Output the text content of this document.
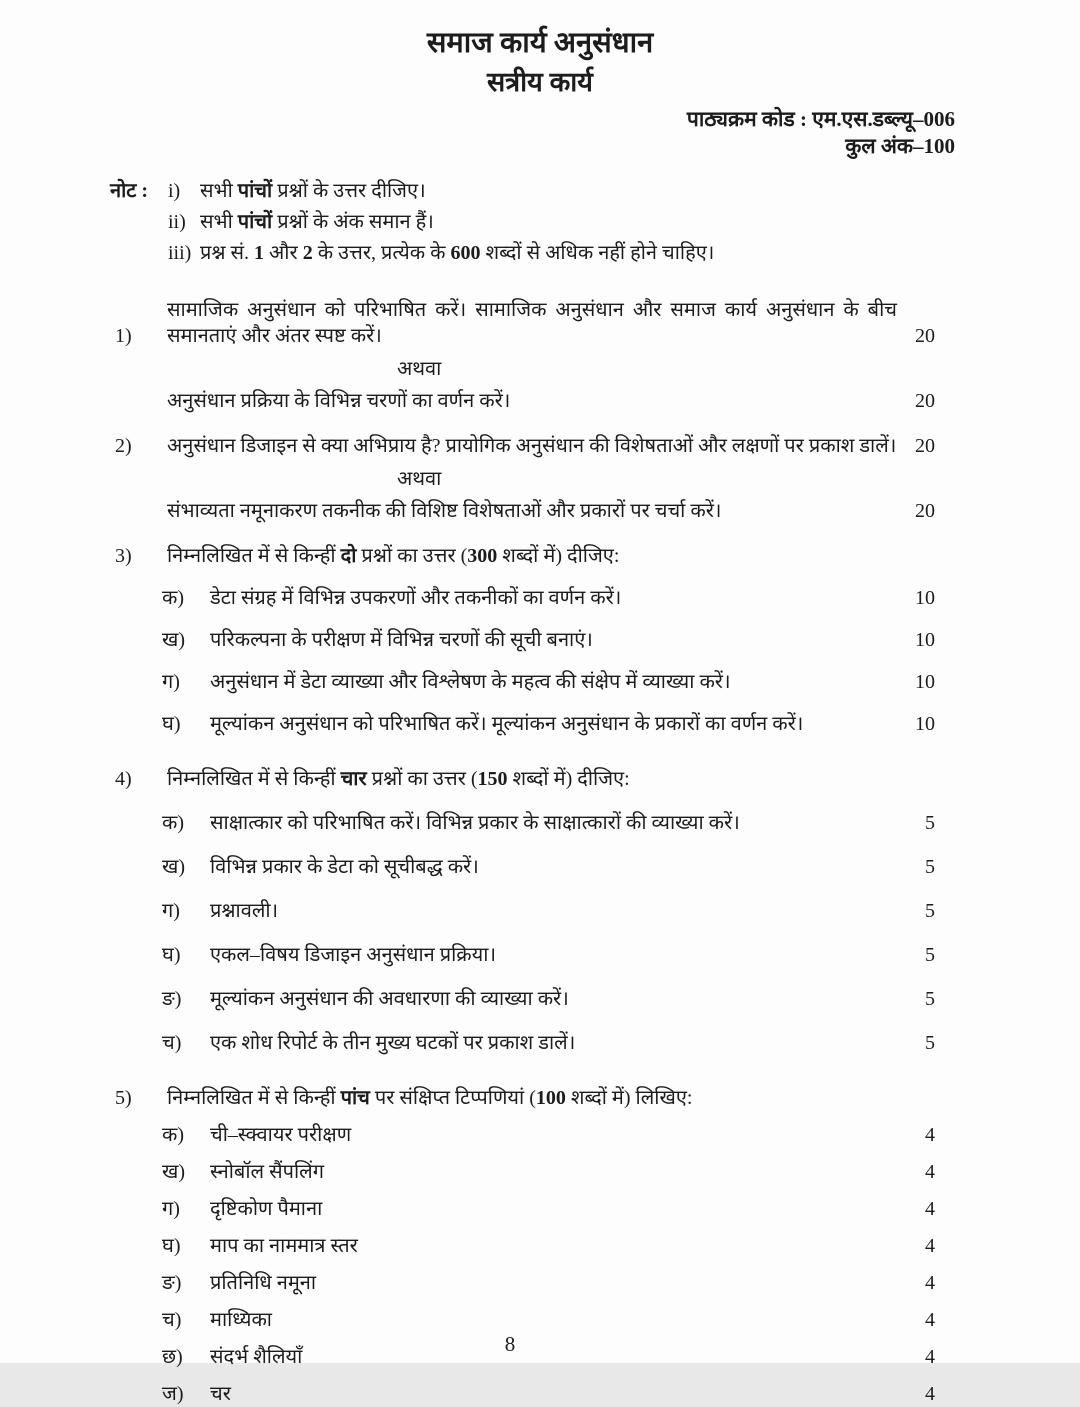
समाज कार्य अनुसंधान
सत्रीय कार्य
पाठ्यक्रम कोड : एम.एस.डब्ल्यू–006
कुल अंक–100
नोट : i) सभी पांचों प्रश्नों के उत्तर दीजिए।
ii) सभी पांचों प्रश्नों के अंक समान हैं।
iii) प्रश्न सं. 1 और 2 के उत्तर, प्रत्येक के 600 शब्दों से अधिक नहीं होने चाहिए।
1)
सामाजिक अनुसंधान को परिभाषित करें। सामाजिक अनुसंधान और समाज कार्य अनुसंधान के बीच समानताएं और अंतर स्पष्ट करें।	20
अथवा
अनुसंधान प्रक्रिया के विभिन्न चरणों का वर्णन करें।	20
2)	अनुसंधान डिजाइन से क्या अभिप्राय है? प्रायोगिक अनुसंधान की विशेषताओं और लक्षणों पर प्रकाश डालें। 20
अथवा
संभाव्यता नमूनाकरण तकनीक की विशिष्ट विशेषताओं और प्रकारों पर चर्चा करें।	20
3)	निम्नलिखित में से किन्हीं दो प्रश्नों का उत्तर (300 शब्दों में) दीजिए:
क)	डेटा संग्रह में विभिन्न उपकरणों और तकनीकों का वर्णन करें।	10
ख)	परिकल्पना के परीक्षण में विभिन्न चरणों की सूची बनाएं।	10
ग)	अनुसंधान में डेटा व्याख्या और विश्लेषण के महत्व की संक्षेप में व्याख्या करें।	10
घ)	मूल्यांकन अनुसंधान को परिभाषित करें। मूल्यांकन अनुसंधान के प्रकारों का वर्णन करें।	10
4)	निम्नलिखित में से किन्हीं चार प्रश्नों का उत्तर (150 शब्दों में) दीजिए:
क)	साक्षात्कार को परिभाषित करें। विभिन्न प्रकार के साक्षात्कारों की व्याख्या करें।	5
ख)	विभिन्न प्रकार के डेटा को सूचीबद्ध करें।	5
ग)	प्रश्नावली।	5
घ)	एकल–विषय डिजाइन अनुसंधान प्रक्रिया।	5
ङ)	मूल्यांकन अनुसंधान की अवधारणा की व्याख्या करें।	5
च)	एक शोध रिपोर्ट के तीन मुख्य घटकों पर प्रकाश डालें।	5
5)	निम्नलिखित में से किन्हीं पांच पर संक्षिप्त टिप्पणियां (100 शब्दों में) लिखिए:
क)	ची–स्क्वायर परीक्षण	4
ख)	स्नोबॉल सैंपलिंग	4
ग)	दृष्टिकोण पैमाना	4
घ)	माप का नाममात्र स्तर	4
ङ)	प्रतिनिधि नमूना	4
च)	माध्यिका	4
छ)	संदर्भ शैलियाँ	4
ज)	चर	4
8
